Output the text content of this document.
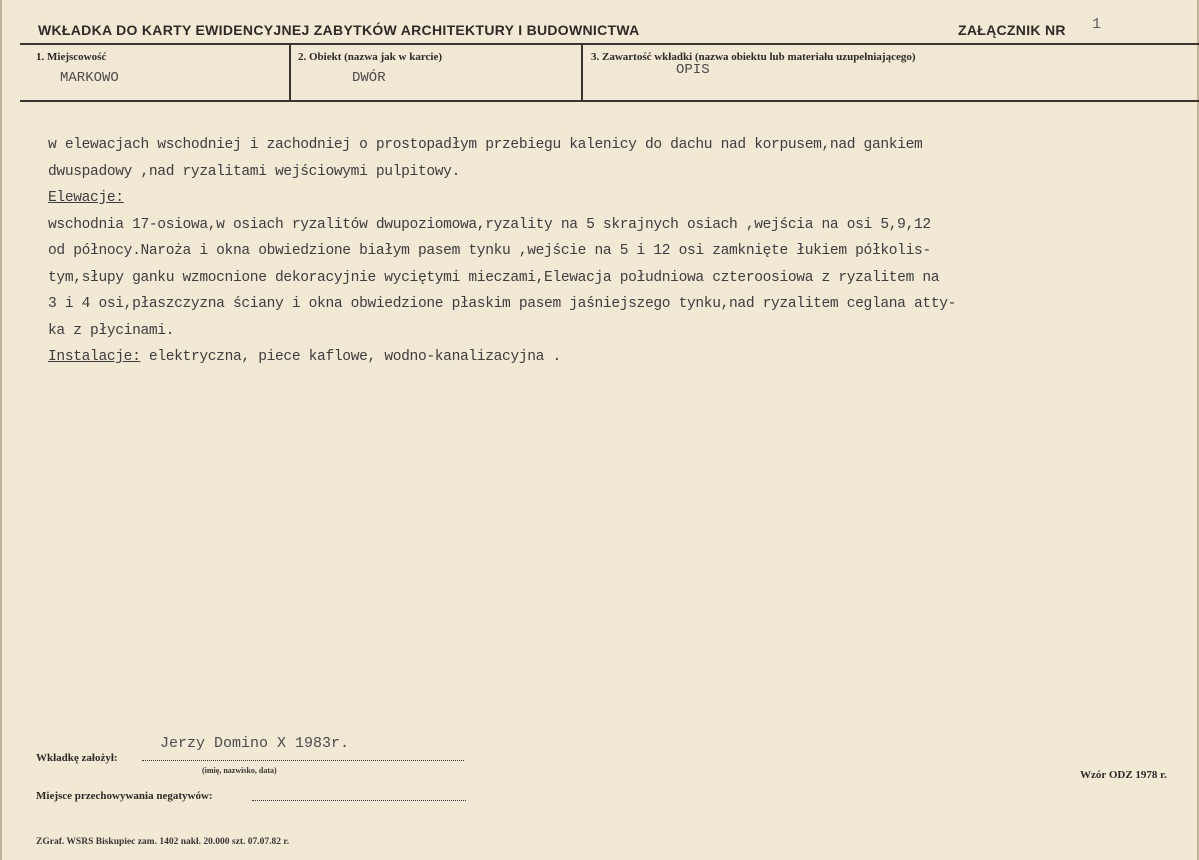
WKŁADKA DO KARTY EWIDENCYJNEJ ZABYTKÓW ARCHITEKTURY I BUDOWNICTWA	ZAŁĄCZNIK NR 1
1. Miejscowość
MARKOWO
2. Obiekt (nazwa jak w karcie)
DWÓR
3. Zawartość wkładki (nazwa obiektu lub materiału uzupełniającego)
OPIS

w elewacjach wschodniej i zachodniej o prostopadłym przebiegu kalenicy do dachu nad korpusem,nad gankiem

dwuspadowy ,nad ryzalitami wejściowymi pulpitowy.

Elewacje:

wschodnia 17-osiowa,w osiach ryzalitów dwupoziomowa,ryzality na 5 skrajnych osiach ,wejścia na osi 5,9,12

od północy.Naroża i okna obwiedzione białym pasem tynku ,wejście na 5 i 12 osi zamknięte łukiem półkolis-

tym,słupy ganku wzmocnione dekoracyjnie wyciętymi mieczami,Elewacja południowa czteroosiowa z ryzalitem na

3 i 4 osi,płaszczyzna ściany i okna obwiedzione płaskim pasem jaśniejszego tynku,nad ryzalitem ceglana atty-

ka z płycinami.

Instalacje: elektryczna, piece kaflowe, wodno-kanalizacyjna .

Jerzy Domino X 1983r.
Wkładkę założył:
(imię, nazwisko, data)	Wzór ODZ 1978 r.
Miejsce przechowywania negatywów:
ZGraf. WSRS Biskupiec zam. 1402 nakł. 20.000 szt. 07.07.82 r.
